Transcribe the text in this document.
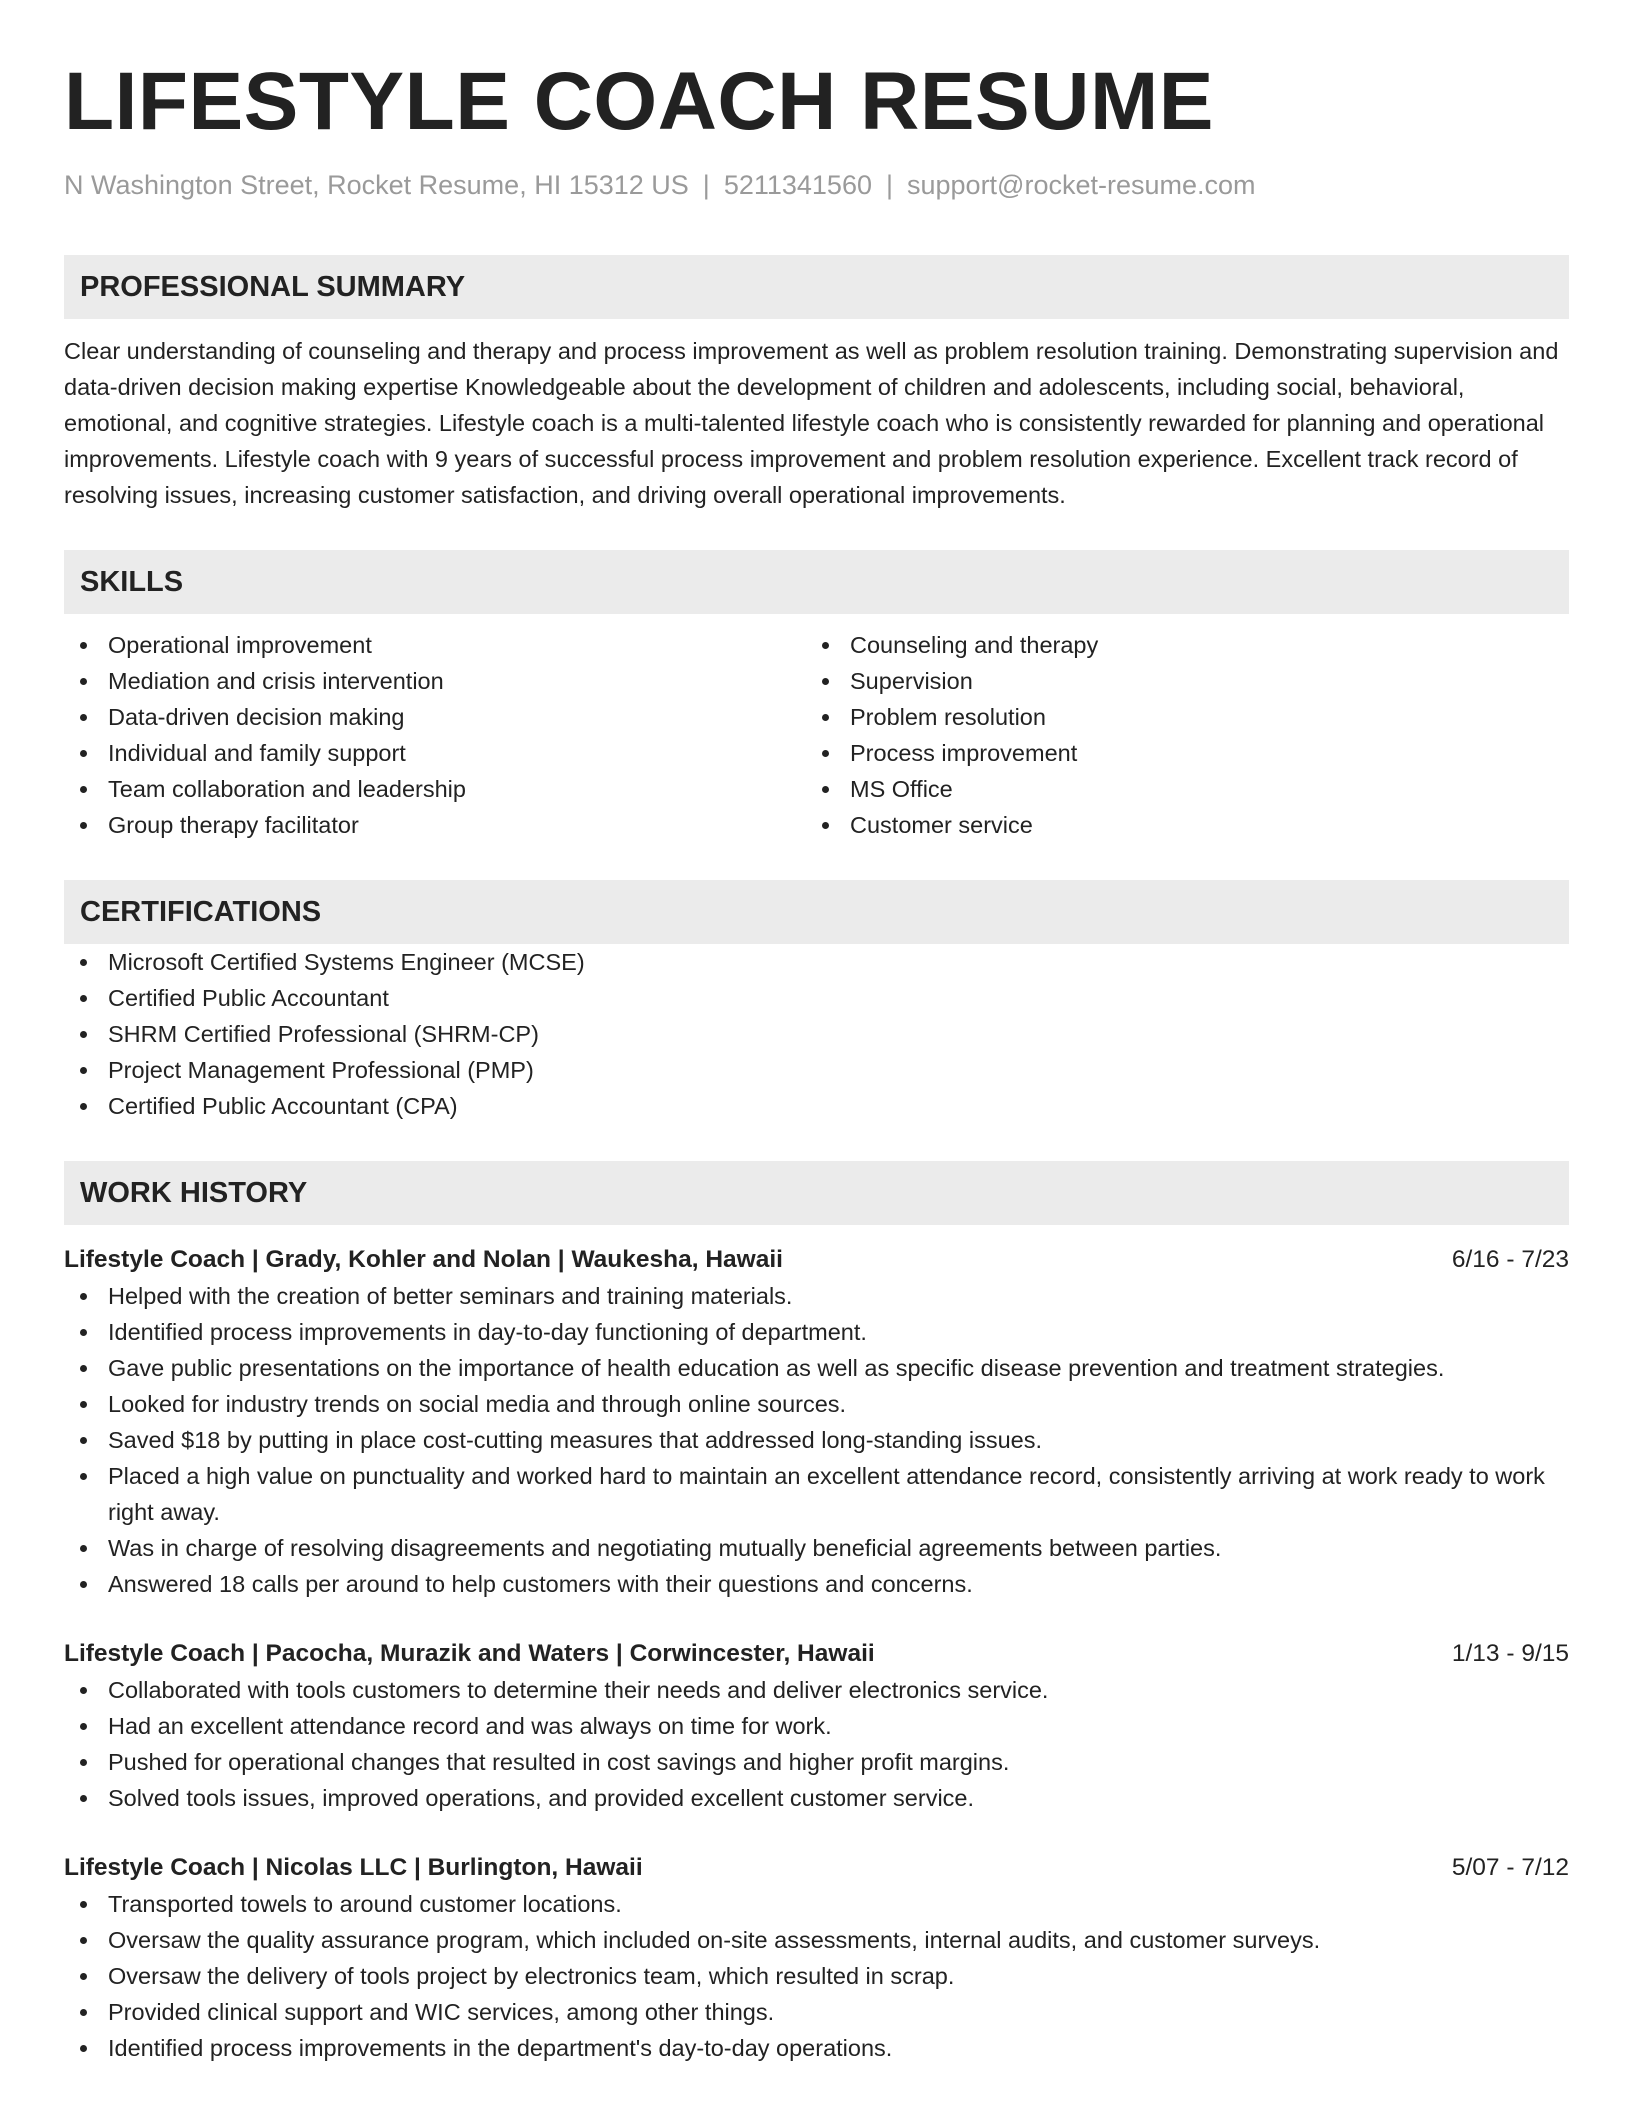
LIFESTYLE COACH RESUME
N Washington Street, Rocket Resume, HI 15312 US | 5211341560 | support@rocket-resume.com
PROFESSIONAL SUMMARY
Clear understanding of counseling and therapy and process improvement as well as problem resolution training. Demonstrating supervision and data-driven decision making expertise Knowledgeable about the development of children and adolescents, including social, behavioral, emotional, and cognitive strategies. Lifestyle coach is a multi-talented lifestyle coach who is consistently rewarded for planning and operational improvements. Lifestyle coach with 9 years of successful process improvement and problem resolution experience. Excellent track record of resolving issues, increasing customer satisfaction, and driving overall operational improvements.
SKILLS
Operational improvement
Mediation and crisis intervention
Data-driven decision making
Individual and family support
Team collaboration and leadership
Group therapy facilitator
Counseling and therapy
Supervision
Problem resolution
Process improvement
MS Office
Customer service
CERTIFICATIONS
Microsoft Certified Systems Engineer (MCSE)
Certified Public Accountant
SHRM Certified Professional (SHRM-CP)
Project Management Professional (PMP)
Certified Public Accountant (CPA)
WORK HISTORY
Lifestyle Coach | Grady, Kohler and Nolan | Waukesha, Hawaii	6/16 - 7/23
Helped with the creation of better seminars and training materials.
Identified process improvements in day-to-day functioning of department.
Gave public presentations on the importance of health education as well as specific disease prevention and treatment strategies.
Looked for industry trends on social media and through online sources.
Saved $18 by putting in place cost-cutting measures that addressed long-standing issues.
Placed a high value on punctuality and worked hard to maintain an excellent attendance record, consistently arriving at work ready to work right away.
Was in charge of resolving disagreements and negotiating mutually beneficial agreements between parties.
Answered 18 calls per around to help customers with their questions and concerns.
Lifestyle Coach | Pacocha, Murazik and Waters | Corwincester, Hawaii	1/13 - 9/15
Collaborated with tools customers to determine their needs and deliver electronics service.
Had an excellent attendance record and was always on time for work.
Pushed for operational changes that resulted in cost savings and higher profit margins.
Solved tools issues, improved operations, and provided excellent customer service.
Lifestyle Coach | Nicolas LLC | Burlington, Hawaii	5/07 - 7/12
Transported towels to around customer locations.
Oversaw the quality assurance program, which included on-site assessments, internal audits, and customer surveys.
Oversaw the delivery of tools project by electronics team, which resulted in scrap.
Provided clinical support and WIC services, among other things.
Identified process improvements in the department's day-to-day operations.
